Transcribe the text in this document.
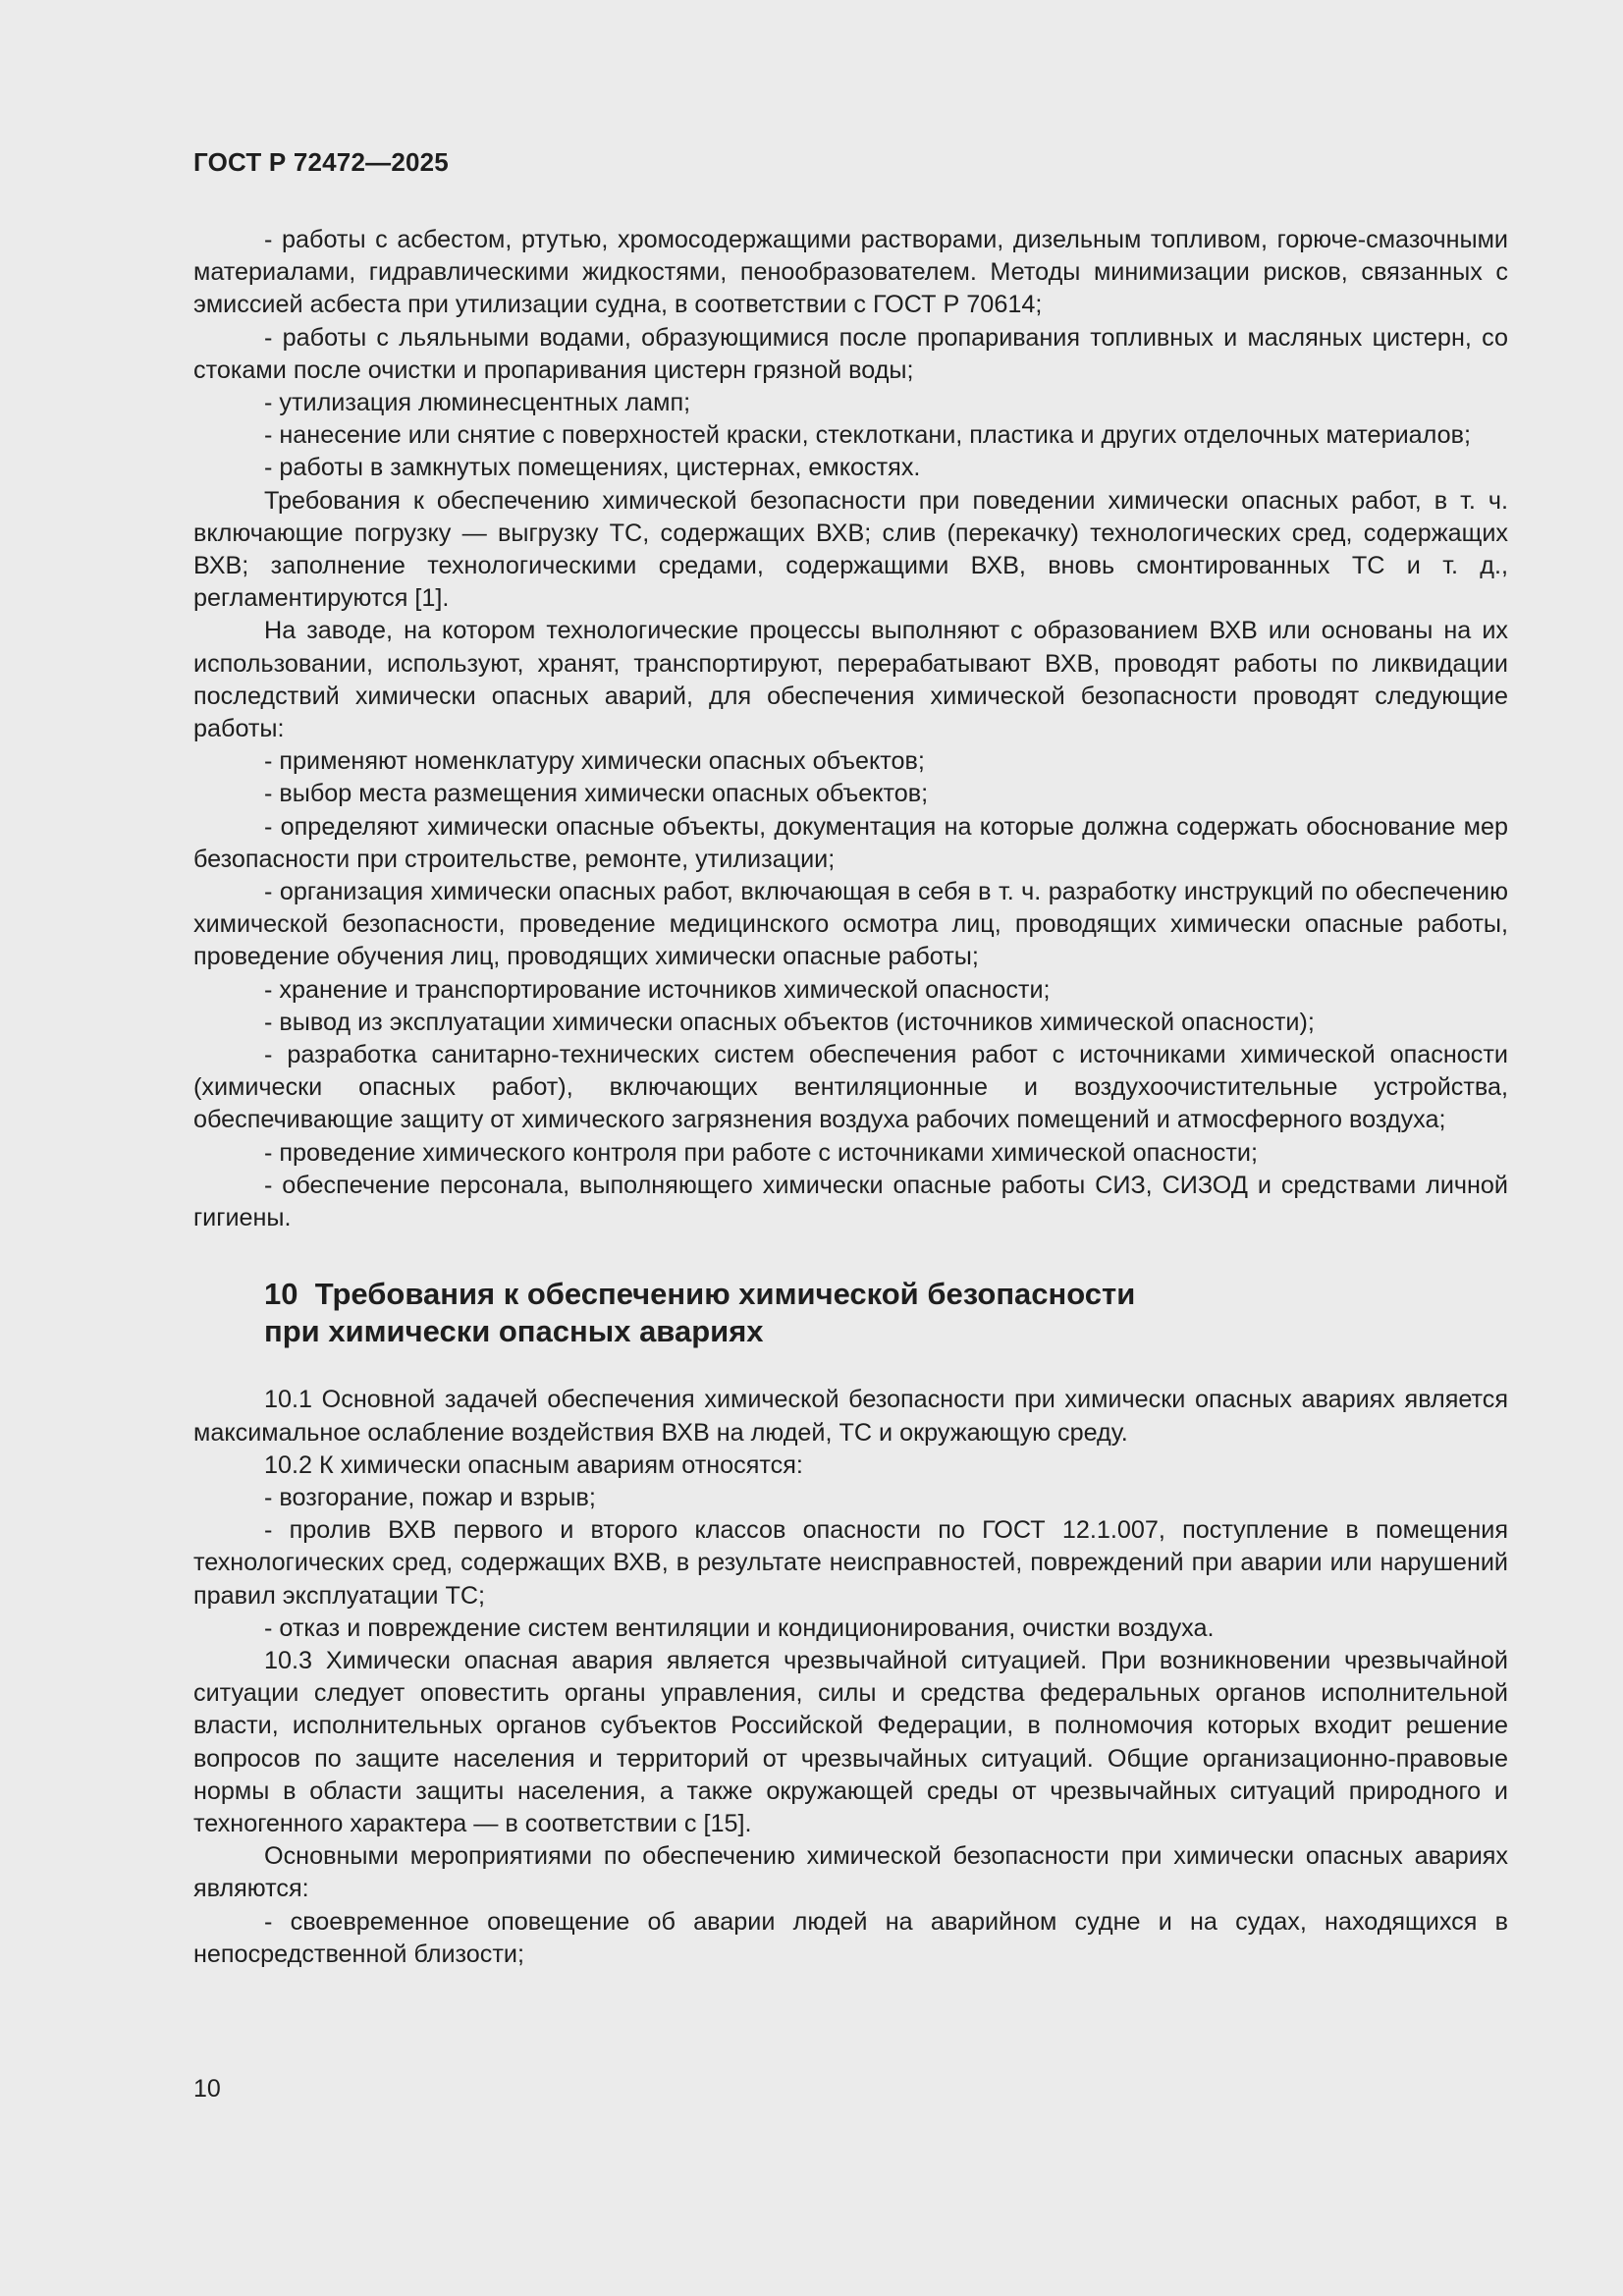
ГОСТ Р 72472—2025

- работы с асбестом, ртутью, хромосодержащими растворами, дизельным топливом, горюче-смазочными материалами, гидравлическими жидкостями, пенообразователем. Методы минимизации рисков, связанных с эмиссией асбеста при утилизации судна, в соответствии с ГОСТ Р 70614;

- работы с льяльными водами, образующимися после пропаривания топливных и масляных цистерн, со стоками после очистки и пропаривания цистерн грязной воды;

- утилизация люминесцентных ламп;

- нанесение или снятие с поверхностей краски, стеклоткани, пластика и других отделочных материалов;

- работы в замкнутых помещениях, цистернах, емкостях.

Требования к обеспечению химической безопасности при поведении химически опасных работ, в т. ч. включающие погрузку — выгрузку ТС, содержащих ВХВ; слив (перекачку) технологических сред, содержащих ВХВ; заполнение технологическими средами, содержащими ВХВ, вновь смонтированных ТС и т. д., регламентируются [1].

На заводе, на котором технологические процессы выполняют с образованием ВХВ или основаны на их использовании, используют, хранят, транспортируют, перерабатывают ВХВ, проводят работы по ликвидации последствий химически опасных аварий, для обеспечения химической безопасности проводят следующие работы:

- применяют номенклатуру химически опасных объектов;

- выбор места размещения химически опасных объектов;

- определяют химически опасные объекты, документация на которые должна содержать обоснование мер безопасности при строительстве, ремонте, утилизации;

- организация химически опасных работ, включающая в себя в т. ч. разработку инструкций по обеспечению химической безопасности, проведение медицинского осмотра лиц, проводящих химически опасные работы, проведение обучения лиц, проводящих химически опасные работы;

- хранение и транспортирование источников химической опасности;

- вывод из эксплуатации химически опасных объектов (источников химической опасности);

- разработка санитарно-технических систем обеспечения работ с источниками химической опасности (химически опасных работ), включающих вентиляционные и воздухоочистительные устройства, обеспечивающие защиту от химического загрязнения воздуха рабочих помещений и атмосферного воздуха;

- проведение химического контроля при работе с источниками химической опасности;

- обеспечение персонала, выполняющего химически опасные работы СИЗ, СИЗОД и средствами личной гигиены.

10 Требования к обеспечению химической безопасности
при химически опасных авариях

10.1 Основной задачей обеспечения химической безопасности при химически опасных авариях является максимальное ослабление воздействия ВХВ на людей, ТС и окружающую среду.

10.2 К химически опасным авариям относятся:

- возгорание, пожар и взрыв;

- пролив ВХВ первого и второго классов опасности по ГОСТ 12.1.007, поступление в помещения технологических сред, содержащих ВХВ, в результате неисправностей, повреждений при аварии или нарушений правил эксплуатации ТС;

- отказ и повреждение систем вентиляции и кондиционирования, очистки воздуха.

10.3 Химически опасная авария является чрезвычайной ситуацией. При возникновении чрезвычайной ситуации следует оповестить органы управления, силы и средства федеральных органов исполнительной власти, исполнительных органов субъектов Российской Федерации, в полномочия которых входит решение вопросов по защите населения и территорий от чрезвычайных ситуаций. Общие организационно-правовые нормы в области защиты населения, а также окружающей среды от чрезвычайных ситуаций природного и техногенного характера — в соответствии с [15].

Основными мероприятиями по обеспечению химической безопасности при химически опасных авариях являются:

- своевременное оповещение об аварии людей на аварийном судне и на судах, находящихся в непосредственной близости;

10
